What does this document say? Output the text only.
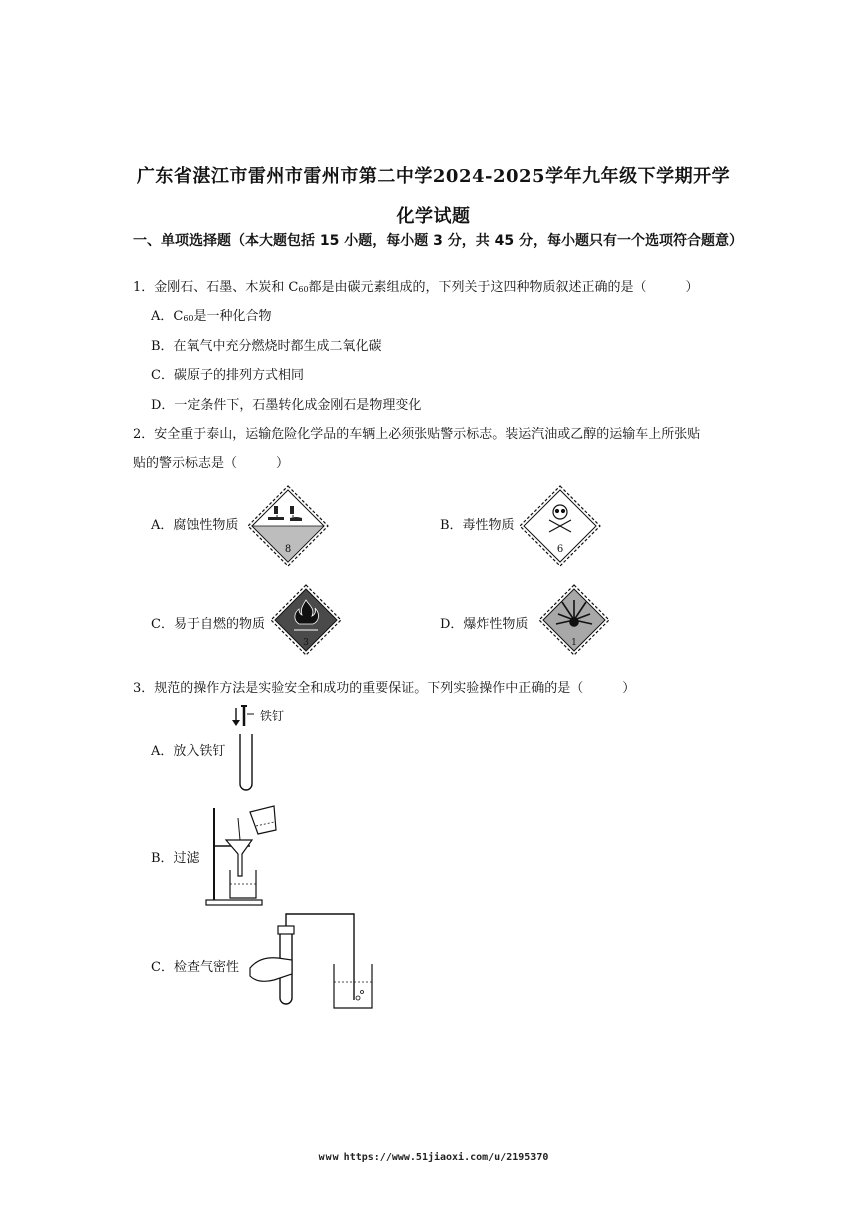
广东省湛江市雷州市雷州市第二中学2024-2025学年九年级下学期开学
化学试题
一、单项选择题（本大题包括 15 小题，每小题 3 分，共 45 分，每小题只有一个选项符合题意）
1．金刚石、石墨、木炭和 C60都是由碳元素组成的，下列关于这四种物质叙述正确的是（　　　）
A．C60是一种化合物
B．在氧气中充分燃烧时都生成二氧化碳
C．碳原子的排列方式相同
D．一定条件下，石墨转化成金刚石是物理变化
2．安全重于泰山，运输危险化学品的车辆上必须张贴警示标志。装运汽油或乙醇的运输车上所张贴
贴的警示标志是（　　　）
A．腐蚀性物质
8
B．毒性物质
6
C．易于自燃的物质
3
D．爆炸性物质
1
3．规范的操作方法是实验安全和成功的重要保证。下列实验操作中正确的是（　　　）
A．放入铁钉
铁钉
B．过滤
C．检查气密性
www https://www.51jiaoxi.com/u/2195370
